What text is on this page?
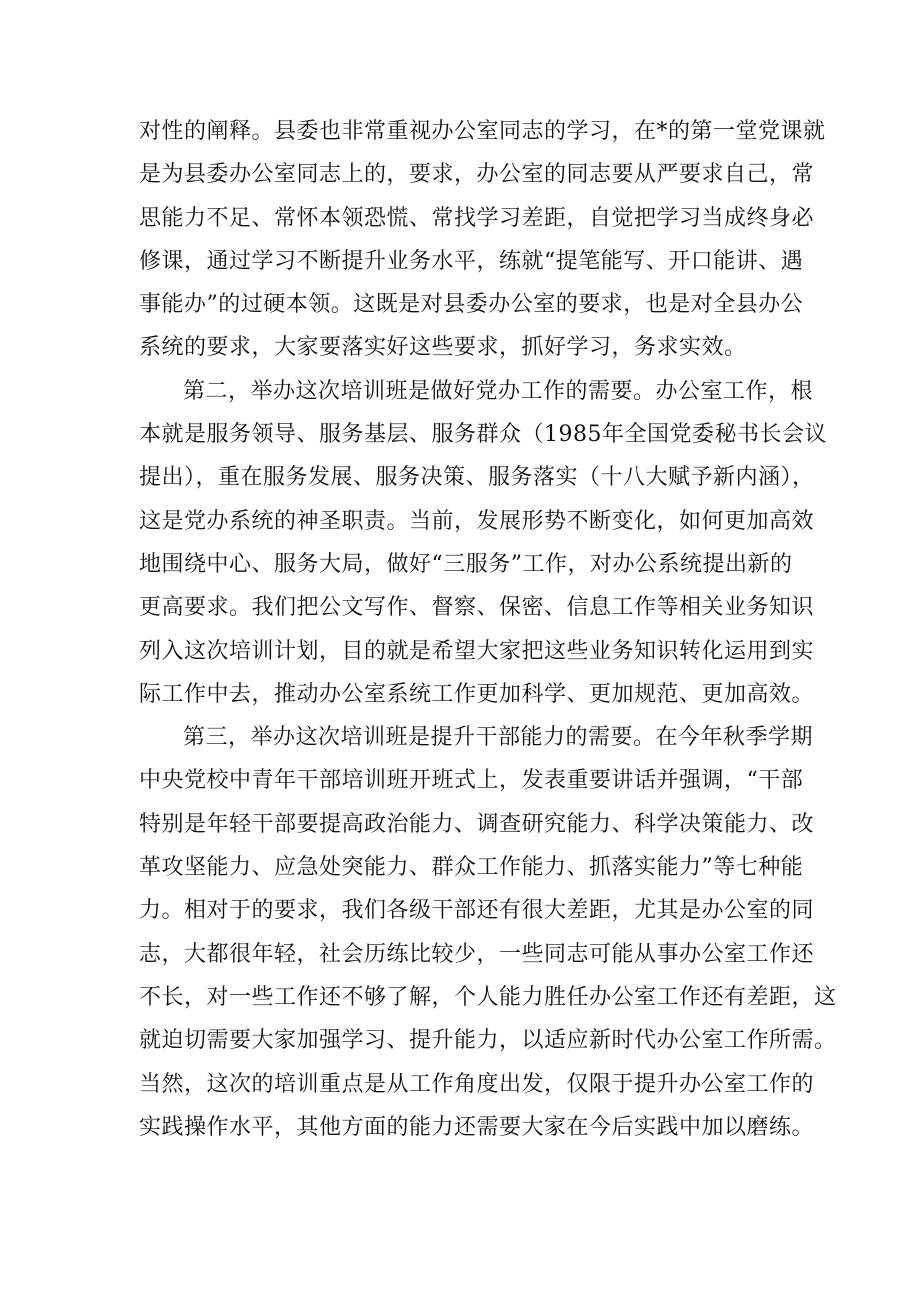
对性的阐释。县委也非常重视办公室同志的学习，在*的第一堂党课就
是为县委办公室同志上的，要求，办公室的同志要从严要求自己，常
思能力不足、常怀本领恐慌、常找学习差距，自觉把学习当成终身必
修课，通过学习不断提升业务水平，练就“提笔能写、开口能讲、遇
事能办”的过硬本领。这既是对县委办公室的要求，也是对全县办公
系统的要求，大家要落实好这些要求，抓好学习，务求实效。

第二，举办这次培训班是做好党办工作的需要。办公室工作，根
本就是服务领导、服务基层、服务群众（1985年全国党委秘书长会议
提出），重在服务发展、服务决策、服务落实（十八大赋予新内涵），
这是党办系统的神圣职责。当前，发展形势不断变化，如何更加高效
地围绕中心、服务大局，做好“三服务”工作，对办公系统提出新的
更高要求。我们把公文写作、督察、保密、信息工作等相关业务知识
列入这次培训计划，目的就是希望大家把这些业务知识转化运用到实
际工作中去，推动办公室系统工作更加科学、更加规范、更加高效。

第三，举办这次培训班是提升干部能力的需要。在今年秋季学期
中央党校中青年干部培训班开班式上，发表重要讲话并强调，“干部
特别是年轻干部要提高政治能力、调查研究能力、科学决策能力、改
革攻坚能力、应急处突能力、群众工作能力、抓落实能力”等七种能
力。相对于的要求，我们各级干部还有很大差距，尤其是办公室的同
志，大都很年轻，社会历练比较少，一些同志可能从事办公室工作还
不长，对一些工作还不够了解，个人能力胜任办公室工作还有差距，这
就迫切需要大家加强学习、提升能力，以适应新时代办公室工作所需。
当然，这次的培训重点是从工作角度出发，仅限于提升办公室工作的
实践操作水平，其他方面的能力还需要大家在今后实践中加以磨练。
